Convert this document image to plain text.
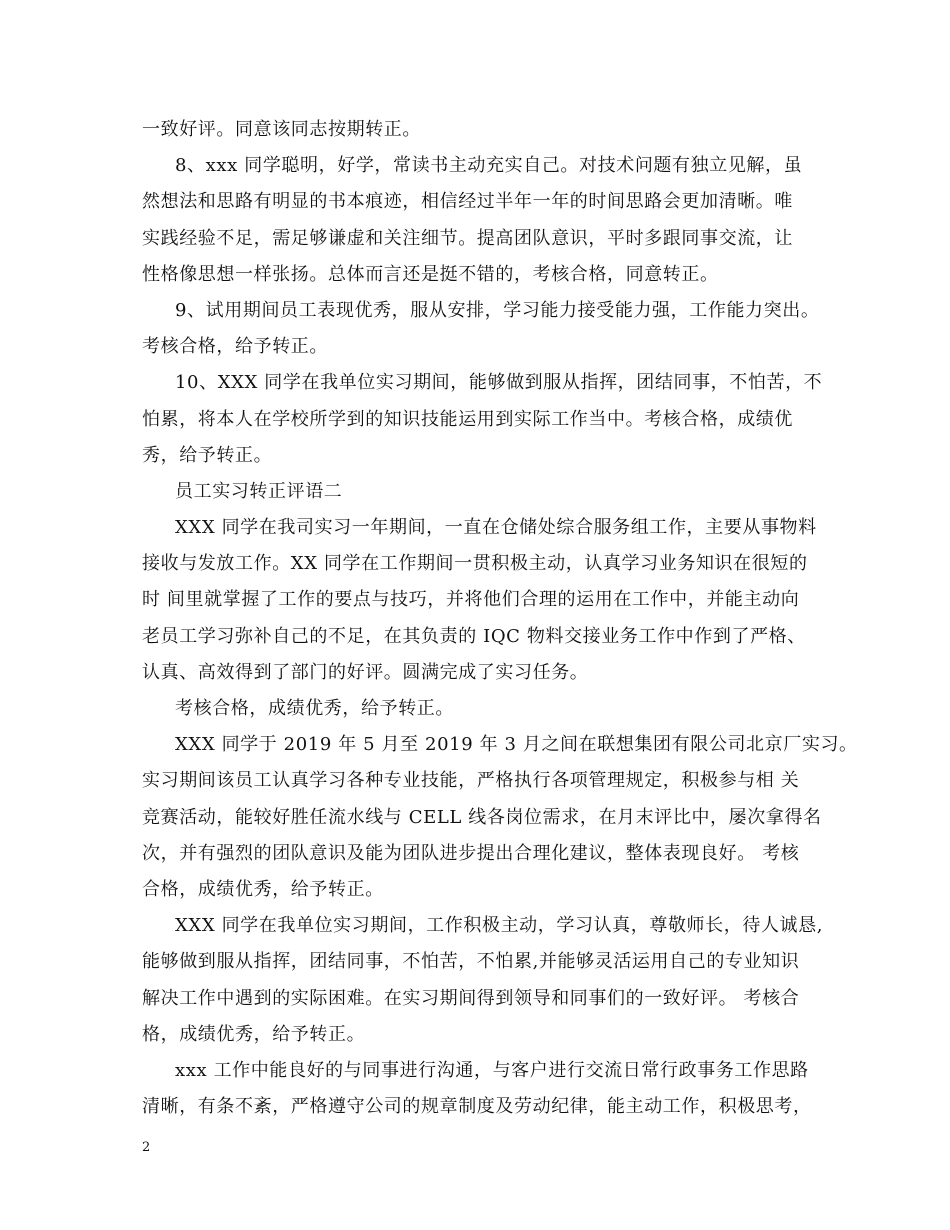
一致好评。同意该同志按期转正。
8、xxx 同学聪明，好学，常读书主动充实自己。对技术问题有独立见解，虽
然想法和思路有明显的书本痕迹，相信经过半年一年的时间思路会更加清晰。唯
实践经验不足，需足够谦虚和关注细节。提高团队意识，平时多跟同事交流，让
性格像思想一样张扬。总体而言还是挺不错的，考核合格，同意转正。
9、试用期间员工表现优秀，服从安排，学习能力接受能力强，工作能力突出。
考核合格，给予转正。
10、XXX 同学在我单位实习期间，能够做到服从指挥，团结同事，不怕苦，不
怕累，将本人在学校所学到的知识技能运用到实际工作当中。考核合格，成绩优
秀，给予转正。
员工实习转正评语二
XXX 同学在我司实习一年期间，一直在仓储处综合服务组工作，主要从事物料
接收与发放工作。XX 同学在工作期间一贯积极主动，认真学习业务知识在很短的
时 间里就掌握了工作的要点与技巧，并将他们合理的运用在工作中，并能主动向
老员工学习弥补自己的不足，在其负责的 IQC 物料交接业务工作中作到了严格、
认真、高效得到了部门的好评。圆满完成了实习任务。
考核合格，成绩优秀，给予转正。
XXX 同学于 2019 年 5 月至 2019 年 3 月之间在联想集团有限公司北京厂实习。
实习期间该员工认真学习各种专业技能，严格执行各项管理规定，积极参与相 关
竞赛活动，能较好胜任流水线与 CELL 线各岗位需求，在月末评比中，屡次拿得名
次，并有强烈的团队意识及能为团队进步提出合理化建议，整体表现良好。 考核
合格，成绩优秀，给予转正。
XXX 同学在我单位实习期间，工作积极主动，学习认真，尊敬师长，待人诚恳,
能够做到服从指挥，团结同事，不怕苦，不怕累,并能够灵活运用自己的专业知识
解决工作中遇到的实际困难。在实习期间得到领导和同事们的一致好评。 考核合
格，成绩优秀，给予转正。
xxx 工作中能良好的与同事进行沟通，与客户进行交流日常行政事务工作思路
清晰，有条不紊，严格遵守公司的规章制度及劳动纪律，能主动工作，积极思考，
2
